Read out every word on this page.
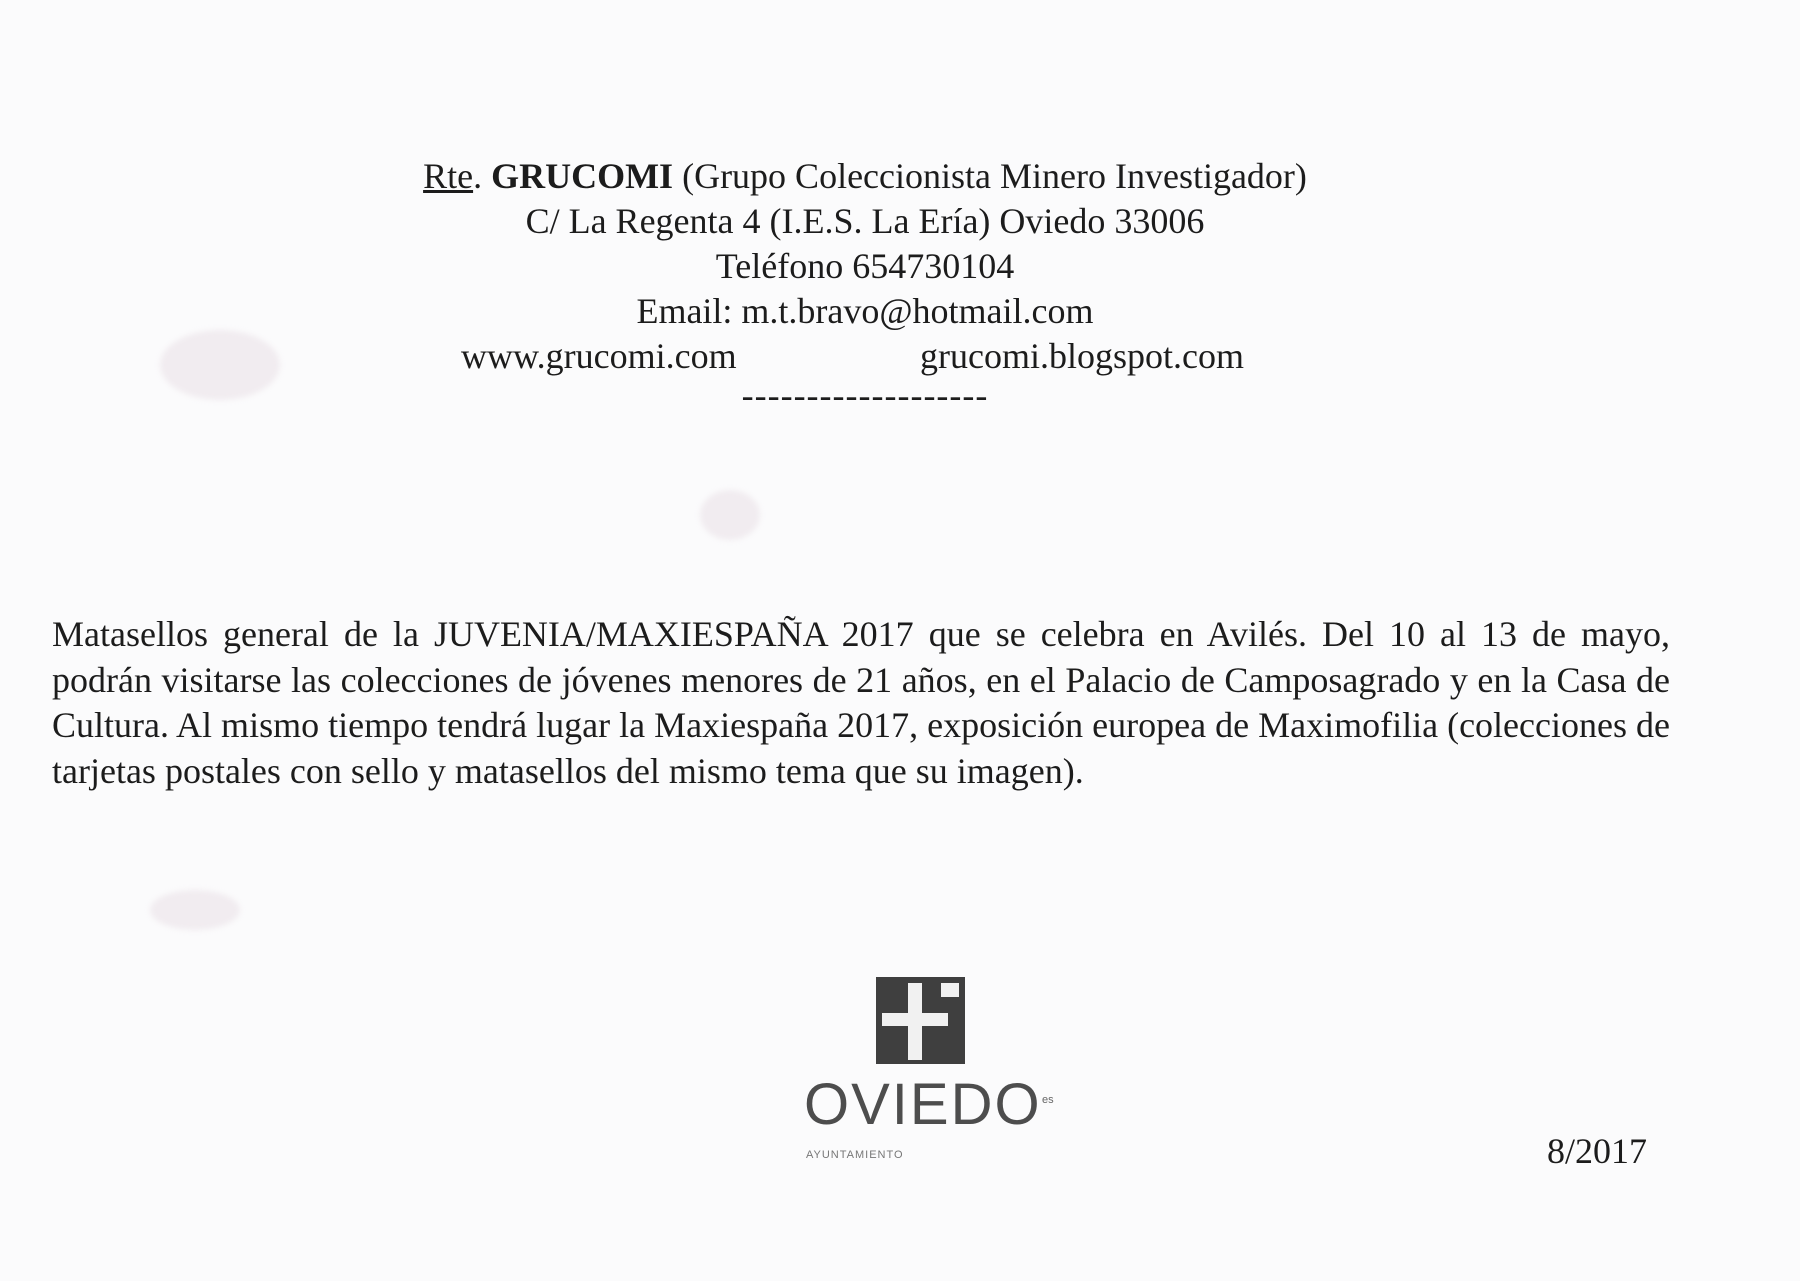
Rte. GRUCOMI (Grupo Coleccionista Minero Investigador)
C/ La Regenta 4 (I.E.S. La Ería) Oviedo 33006
Teléfono 654730104
Email: m.t.bravo@hotmail.com
www.grucomi.com	grucomi.blogspot.com
-------------------
Matasellos general de la JUVENIA/MAXIESPAÑA 2017 que se celebra en Avilés. Del 10 al 13 de mayo, podrán visitarse las colecciones de jóvenes menores de 21 años, en el Palacio de Camposagrado y en la Casa de Cultura. Al mismo tiempo tendrá lugar la Maxiespaña 2017, exposición europea de Maximofilia (colecciones de tarjetas postales con sello y matasellos del mismo tema que su imagen).
OVIEDO es
AYUNTAMIENTO	8/2017
